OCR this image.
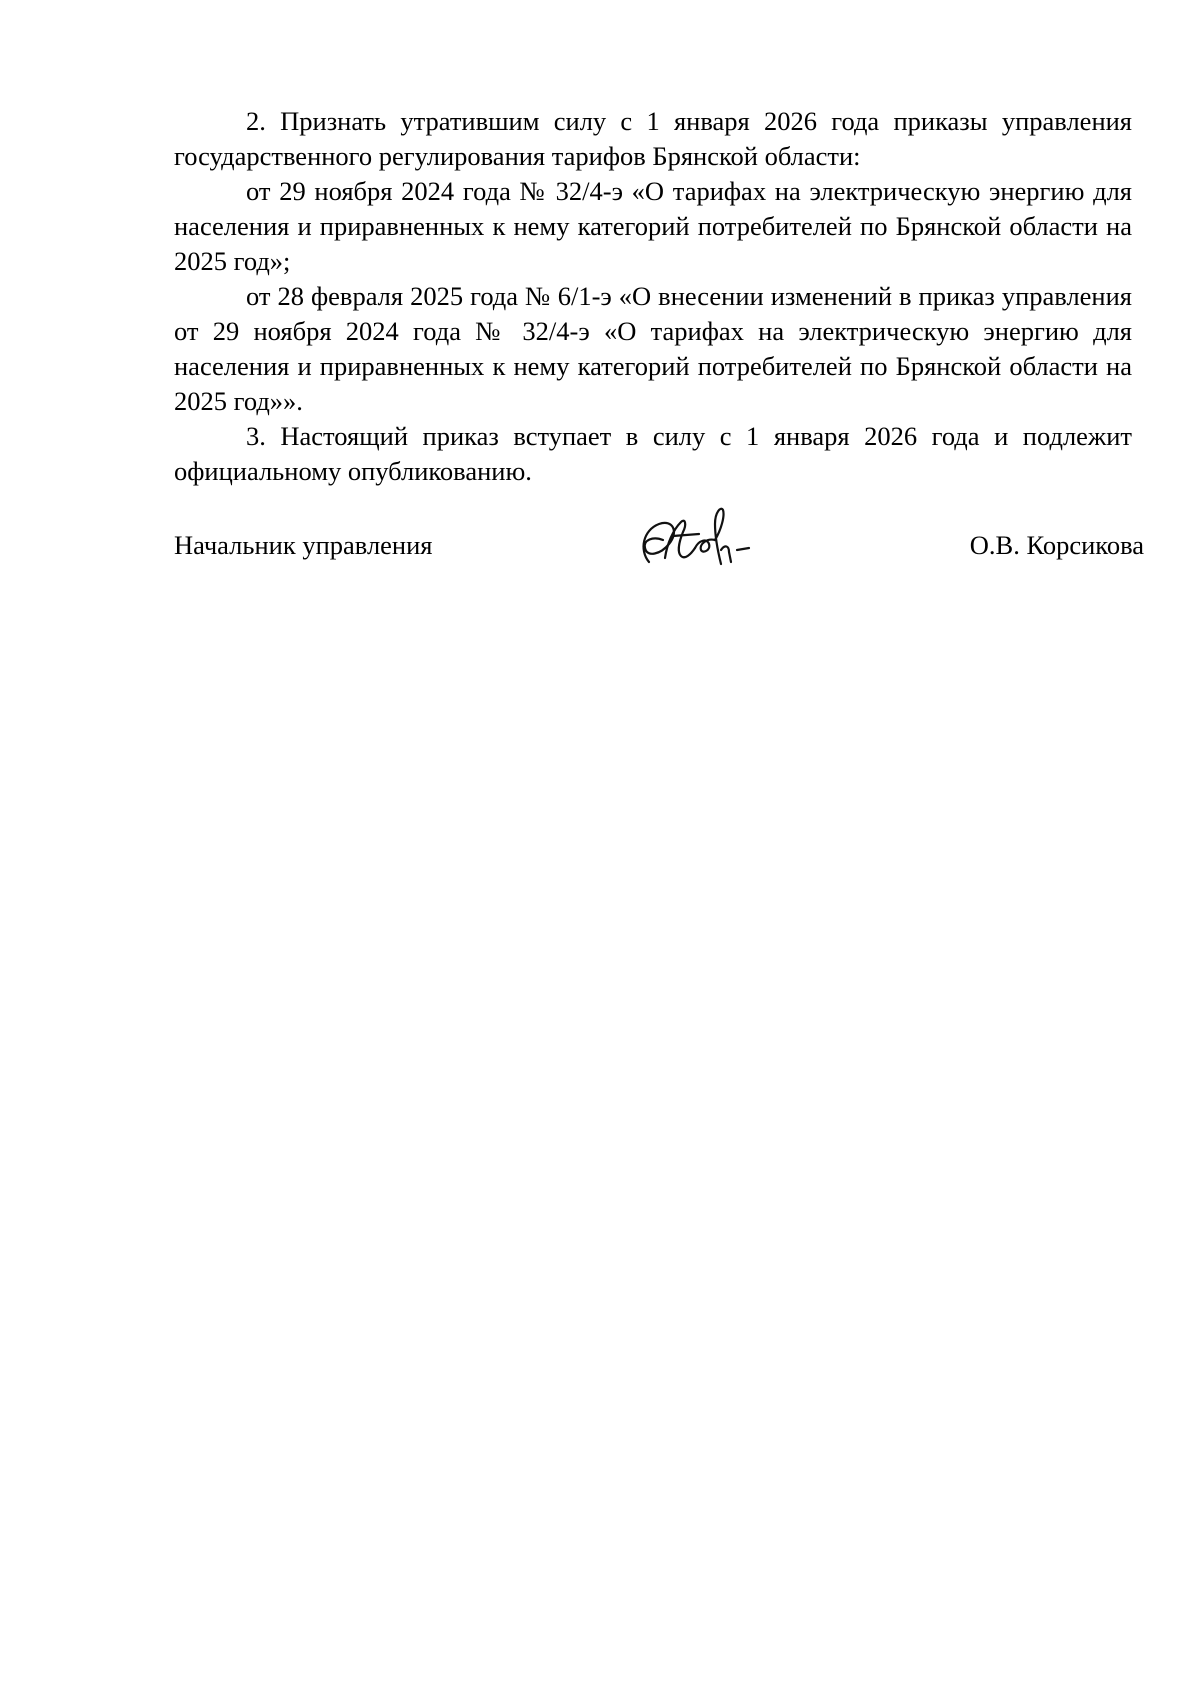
2. Признать утратившим силу с 1 января 2026 года приказы управления государственного регулирования тарифов Брянской области:

от 29 ноября 2024 года № 32/4-э «О тарифах на электрическую энергию для населения и приравненных к нему категорий потребителей по Брянской области на 2025 год»;

от 28 февраля 2025 года № 6/1-э «О внесении изменений в приказ управления от 29 ноября 2024 года № 32/4-э «О тарифах на электрическую энергию для населения и приравненных к нему категорий потребителей по Брянской области на 2025 год»».

3. Настоящий приказ вступает в силу с 1 января 2026 года и подлежит официальному опубликованию.

Начальник управления	О.В. Корсикова
